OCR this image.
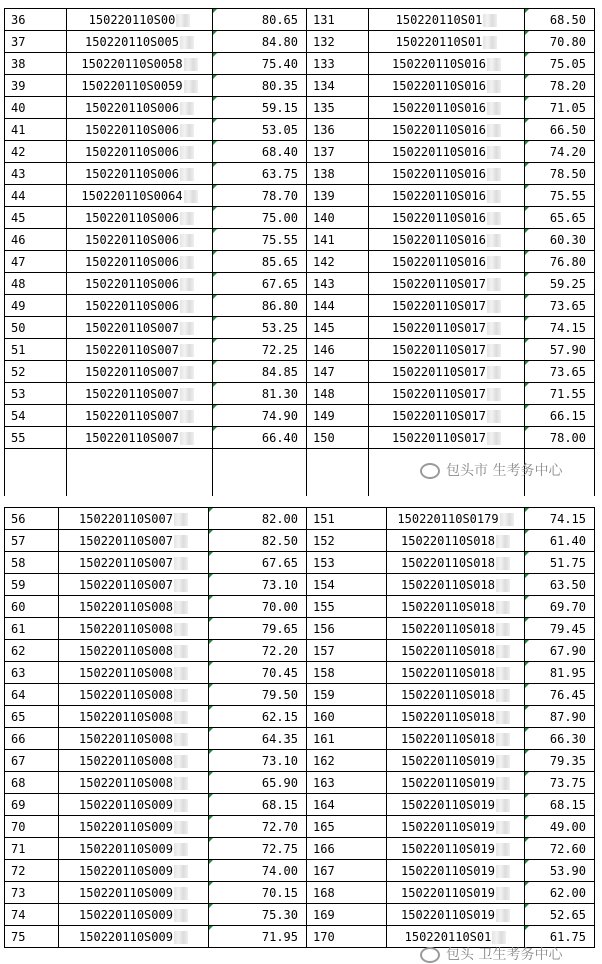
36	150220110S00	80.65	131	150220110S01	68.50
37	150220110S005	84.80	132	150220110S01	70.80
38	150220110S0058	75.40	133	150220110S016	75.05
39	150220110S0059	80.35	134	150220110S016	78.20
40	150220110S006	59.15	135	150220110S016	71.05
41	150220110S006	53.05	136	150220110S016	66.50
42	150220110S006	68.40	137	150220110S016	74.20
43	150220110S006	63.75	138	150220110S016	78.50
44	150220110S0064	78.70	139	150220110S016	75.55
45	150220110S006	75.00	140	150220110S016	65.65
46	150220110S006	75.55	141	150220110S016	60.30
47	150220110S006	85.65	142	150220110S016	76.80
48	150220110S006	67.65	143	150220110S017	59.25
49	150220110S006	86.80	144	150220110S017	73.65
50	150220110S007	53.25	145	150220110S017	74.15
51	150220110S007	72.25	146	150220110S017	57.90
52	150220110S007	84.85	147	150220110S017	73.65
53	150220110S007	81.30	148	150220110S017	71.55
54	150220110S007	74.90	149	150220110S017	66.15
55	150220110S007	66.40	150	150220110S017	78.00

包头市 生考务中心
56	150220110S007	82.00	151	150220110S0179	74.15
57	150220110S007	82.50	152	150220110S018	61.40
58	150220110S007	67.65	153	150220110S018	51.75
59	150220110S007	73.10	154	150220110S018	63.50
60	150220110S008	70.00	155	150220110S018	69.70
61	150220110S008	79.65	156	150220110S018	79.45
62	150220110S008	72.20	157	150220110S018	67.90
63	150220110S008	70.45	158	150220110S018	81.95
64	150220110S008	79.50	159	150220110S018	76.45
65	150220110S008	62.15	160	150220110S018	87.90
66	150220110S008	64.35	161	150220110S018	66.30
67	150220110S008	73.10	162	150220110S019	79.35
68	150220110S008	65.90	163	150220110S019	73.75
69	150220110S009	68.15	164	150220110S019	68.15
70	150220110S009	72.70	165	150220110S019	49.00
71	150220110S009	72.75	166	150220110S019	72.60
72	150220110S009	74.00	167	150220110S019	53.90
73	150220110S009	70.15	168	150220110S019	62.00
74	150220110S009	75.30	169	150220110S019	52.65
75	150220110S009	71.95	170	150220110S01	61.75
包头 卫生考务中心
